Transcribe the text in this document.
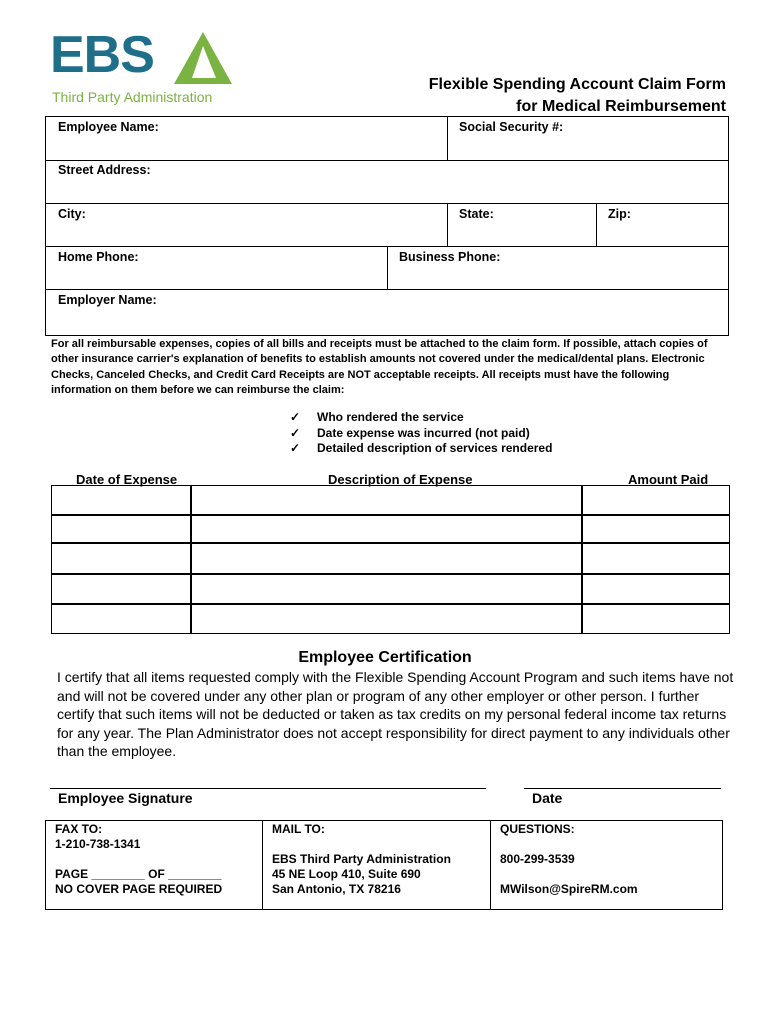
EBS
Third Party Administration
Flexible Spending Account Claim Form
for Medical Reimbursement
Employee Name:	Social Security #:
Street Address:
City:	State:	Zip:
Home Phone:	Business Phone:
Employer Name:
For all reimbursable expenses, copies of all bills and receipts must be attached to the claim form. If possible, attach copies of other insurance carrier's explanation of benefits to establish amounts not covered under the medical/dental plans. Electronic Checks, Canceled Checks, and Credit Card Receipts are NOT acceptable receipts. All receipts must have the following information on them before we can reimburse the claim:
✓ Who rendered the service
✓ Date expense was incurred (not paid)
✓ Detailed description of services rendered
Date of Expense	Description of Expense	Amount Paid
Employee Certification
I certify that all items requested comply with the Flexible Spending Account Program and such items have not and will not be covered under any other plan or program of any other employer or other person. I further certify that such items will not be deducted or taken as tax credits on my personal federal income tax returns for any year. The Plan Administrator does not accept responsibility for direct payment to any individuals other than the employee.
Employee Signature	Date
FAX TO:
1-210-738-1341
PAGE ________ OF ________
NO COVER PAGE REQUIRED
MAIL TO:
EBS Third Party Administration
45 NE Loop 410, Suite 690
San Antonio, TX 78216
QUESTIONS:
800-299-3539
MWilson@SpireRM.com
